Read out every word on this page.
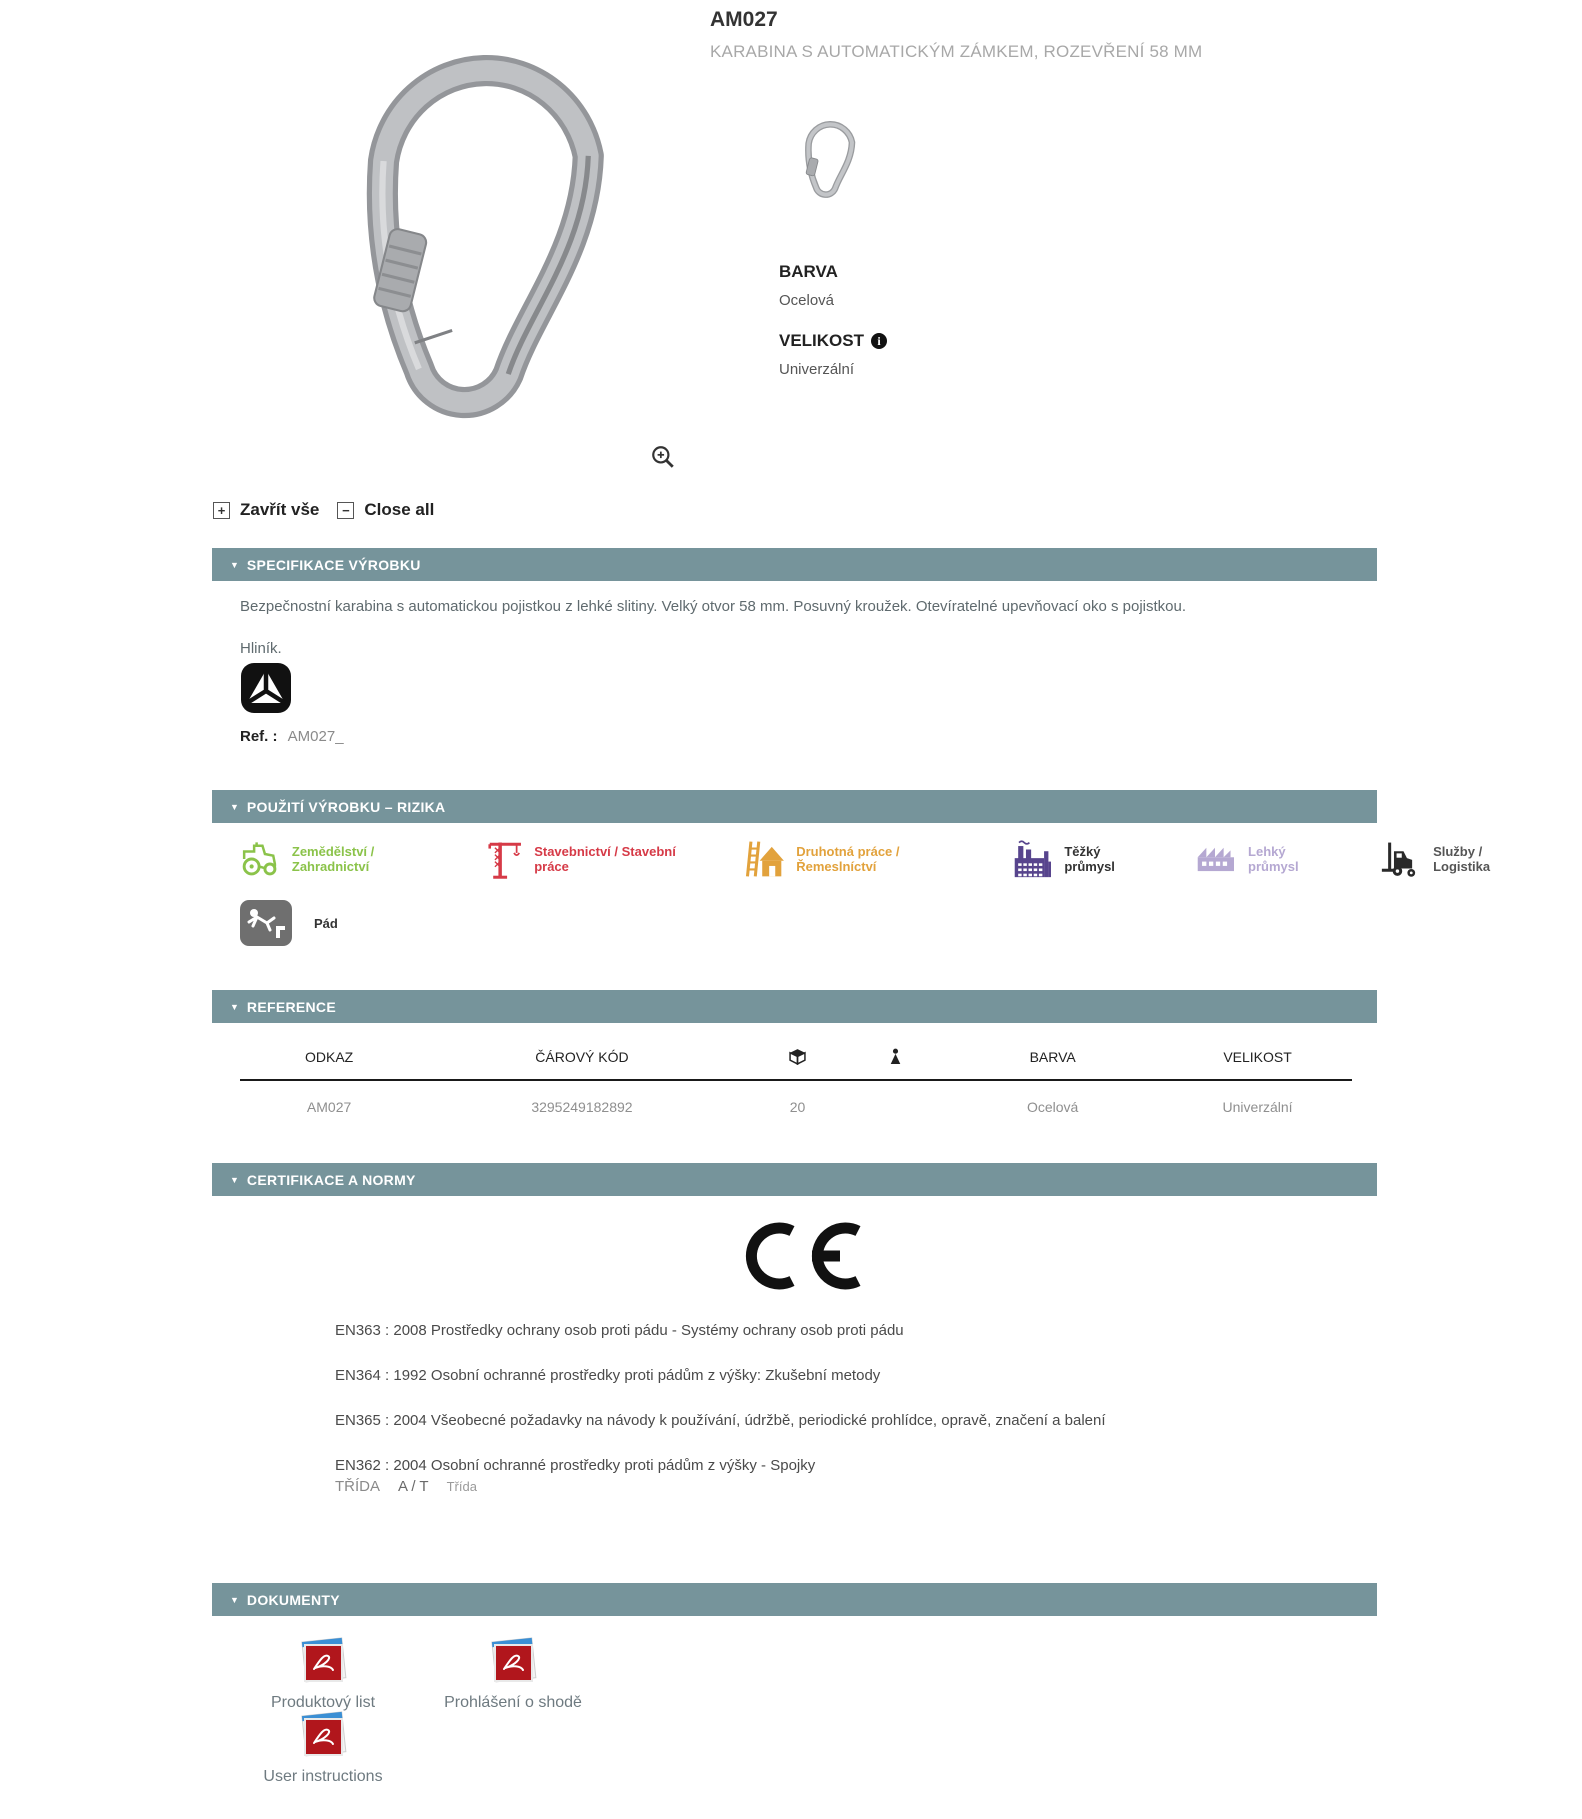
AM027
KARABINA S AUTOMATICKÝM ZÁMKEM, ROZEVŘENÍ 58 MM
BARVA
Ocelová
VELIKOST	i
Univerzální
+ Zavřít vše	− Close all
▼ SPECIFIKACE VÝROBKU
Bezpečnostní karabina s automatickou pojistkou z lehké slitiny. Velký otvor 58 mm. Posuvný kroužek. Otevíratelné upevňovací oko s pojistkou.
Hliník.
Ref. : AM027_
▼ POUŽITÍ VÝROBKU – RIZIKA
Zemědělství / Zahradnictví
Stavebnictví / Stavební práce
Druhotná práce / Řemeslníctví
Těžký průmysl
Lehký průmysl
Služby / Logistika
Pád
▼ REFERENCE
ODKAZ	ČÁROVÝ KÓD			BARVA	VELIKOST
AM027	3295249182892	20		Ocelová	Univerzální
▼ CERTIFIKACE A NORMY
EN363 : 2008 Prostředky ochrany osob proti pádu - Systémy ochrany osob proti pádu
EN364 : 1992 Osobní ochranné prostředky proti pádům z výšky: Zkušební metody
EN365 : 2004 Všeobecné požadavky na návody k používání, údržbě, periodické prohlídce, opravě, značení a balení
EN362 : 2004 Osobní ochranné prostředky proti pádům z výšky - Spojky
TŘÍDA A / T Třída
▼ DOKUMENTY
Produktový list	Prohlášení o shodě
User instructions
